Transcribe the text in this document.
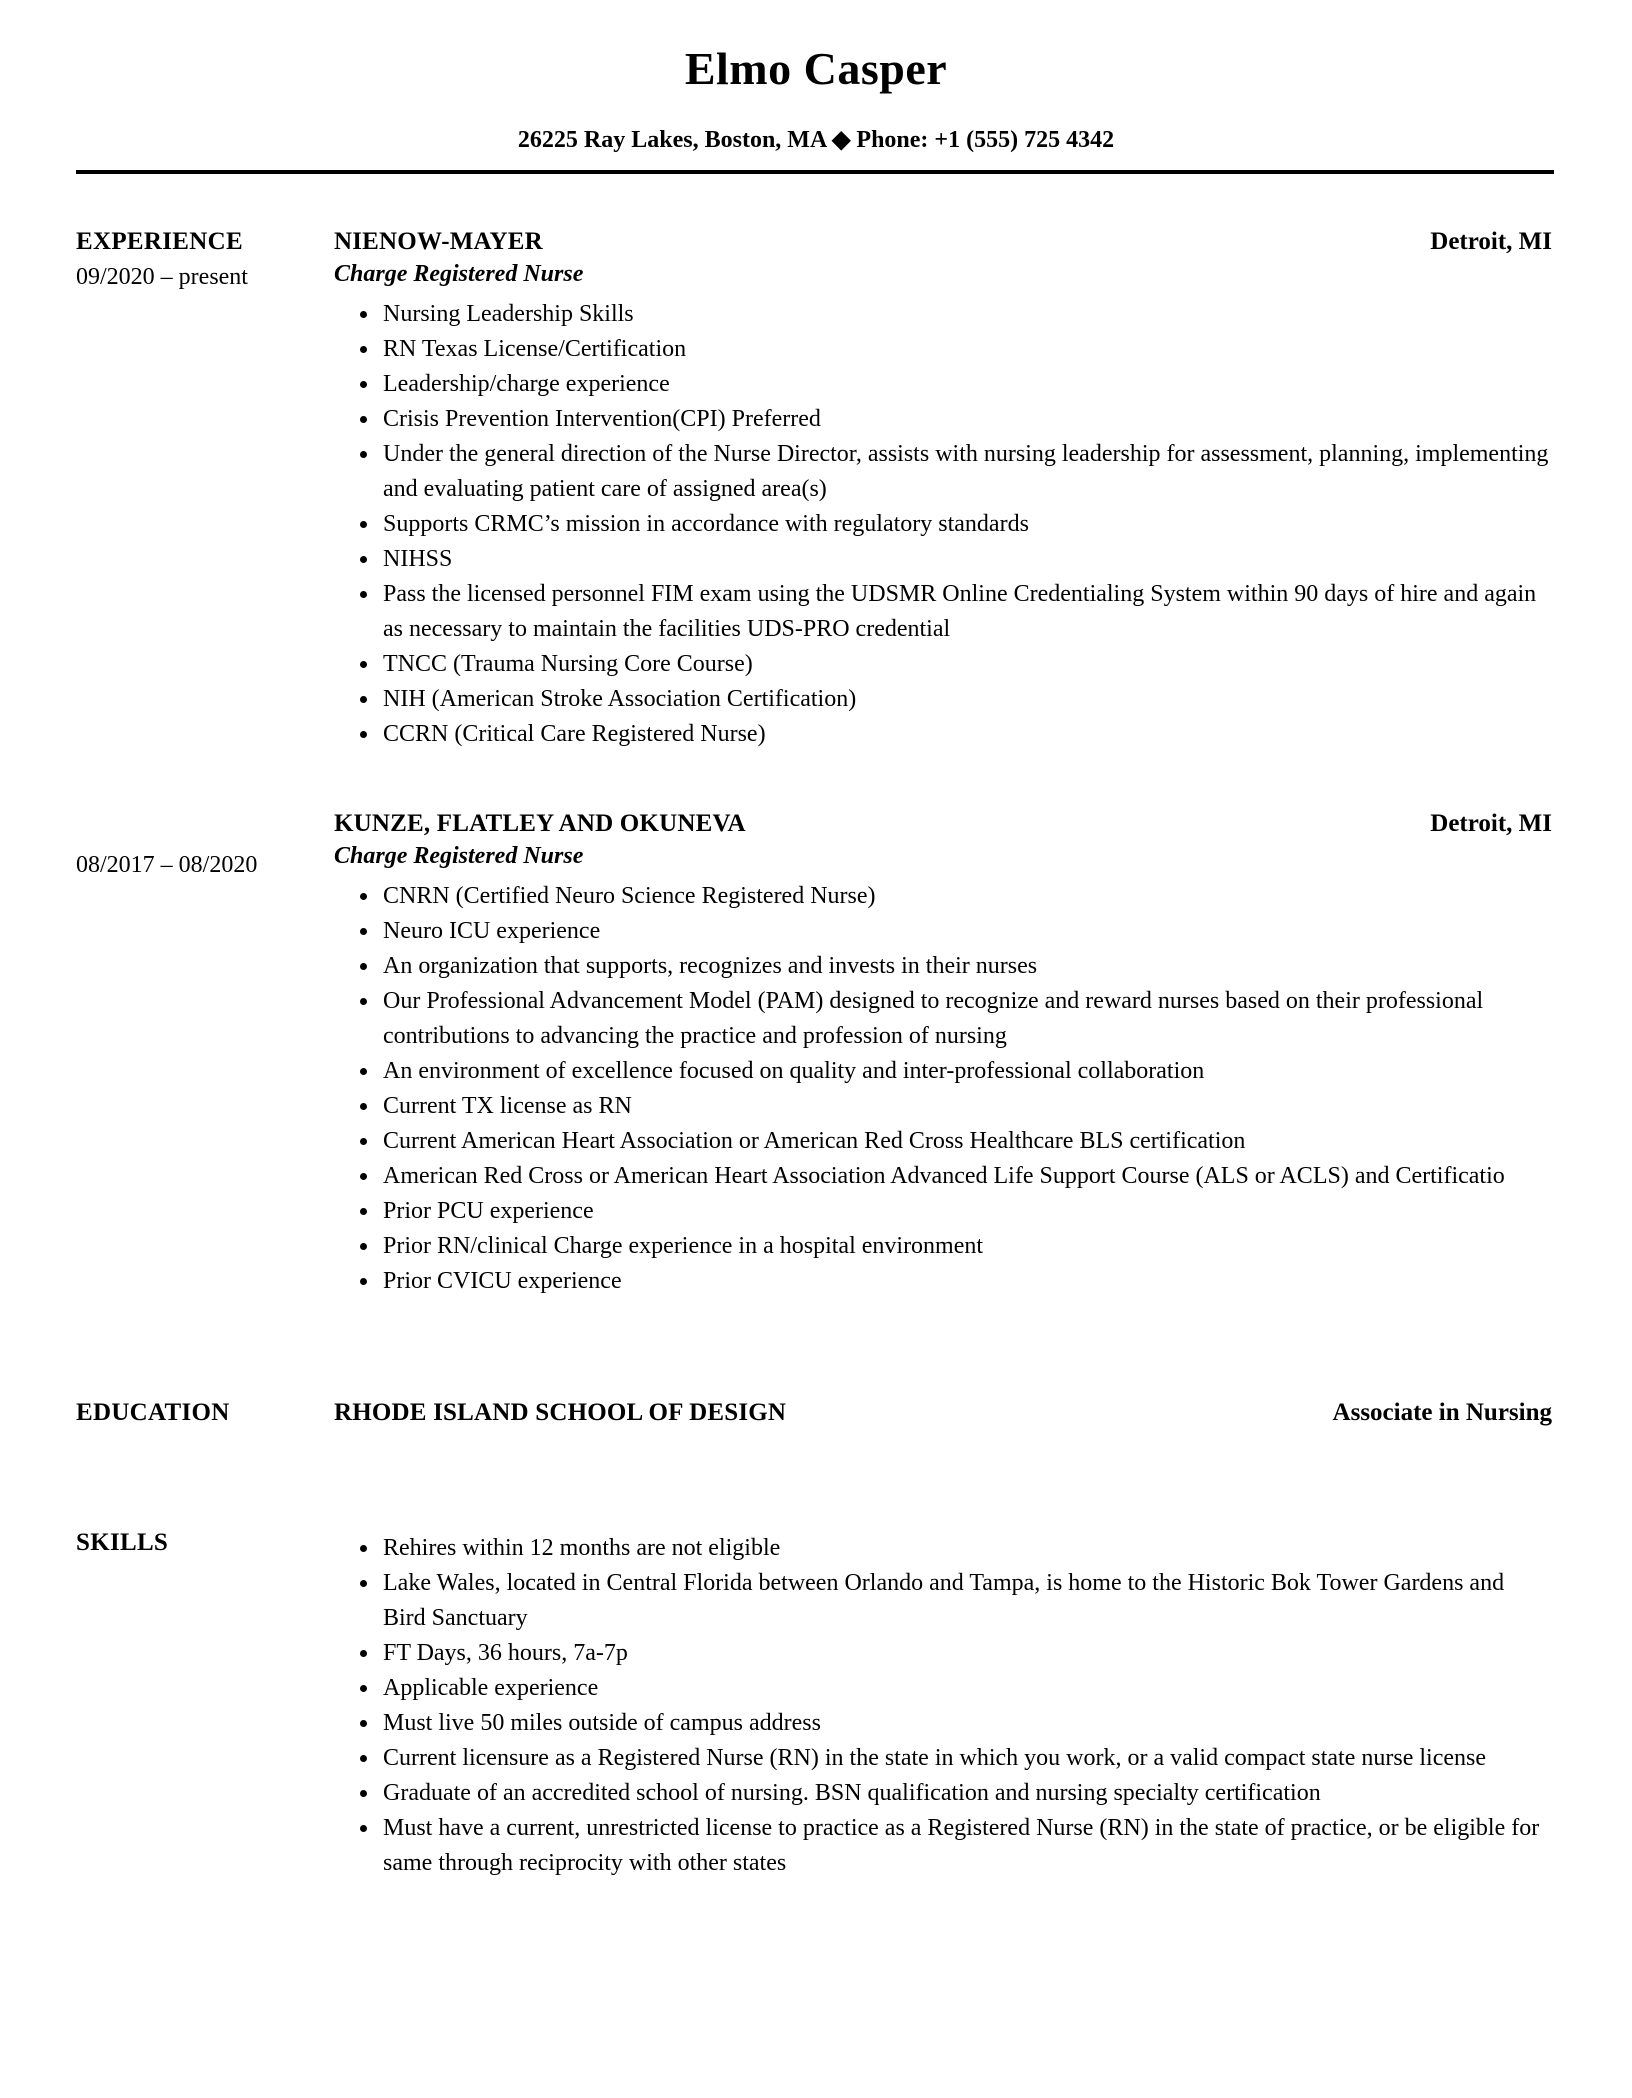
Elmo Casper
26225 Ray Lakes, Boston, MA ◆ Phone: +1 (555) 725 4342
EXPERIENCE
09/2020 – present
NIENOW-MAYER	Detroit, MI
Charge Registered Nurse
• Nursing Leadership Skills
• RN Texas License/Certification
• Leadership/charge experience
• Crisis Prevention Intervention(CPI) Preferred
• Under the general direction of the Nurse Director, assists with nursing leadership for assessment, planning, implementing and evaluating patient care of assigned area(s)
• Supports CRMC’s mission in accordance with regulatory standards
• NIHSS
• Pass the licensed personnel FIM exam using the UDSMR Online Credentialing System within 90 days of hire and again as necessary to maintain the facilities UDS-PRO credential
• TNCC (Trauma Nursing Core Course)
• NIH (American Stroke Association Certification)
• CCRN (Critical Care Registered Nurse)
08/2017 – 08/2020
KUNZE, FLATLEY AND OKUNEVA	Detroit, MI
Charge Registered Nurse
• CNRN (Certified Neuro Science Registered Nurse)
• Neuro ICU experience
• An organization that supports, recognizes and invests in their nurses
• Our Professional Advancement Model (PAM) designed to recognize and reward nurses based on their professional contributions to advancing the practice and profession of nursing
• An environment of excellence focused on quality and inter-professional collaboration
• Current TX license as RN
• Current American Heart Association or American Red Cross Healthcare BLS certification
• American Red Cross or American Heart Association Advanced Life Support Course (ALS or ACLS) and Certificatio
• Prior PCU experience
• Prior RN/clinical Charge experience in a hospital environment
• Prior CVICU experience
EDUCATION	RHODE ISLAND SCHOOL OF DESIGN	Associate in Nursing
SKILLS	• Rehires within 12 months are not eligible
• Lake Wales, located in Central Florida between Orlando and Tampa, is home to the Historic Bok Tower Gardens and Bird Sanctuary
• FT Days, 36 hours, 7a-7p
• Applicable experience
• Must live 50 miles outside of campus address
• Current licensure as a Registered Nurse (RN) in the state in which you work, or a valid compact state nurse license
• Graduate of an accredited school of nursing. BSN qualification and nursing specialty certification
• Must have a current, unrestricted license to practice as a Registered Nurse (RN) in the state of practice, or be eligible for same through reciprocity with other states
